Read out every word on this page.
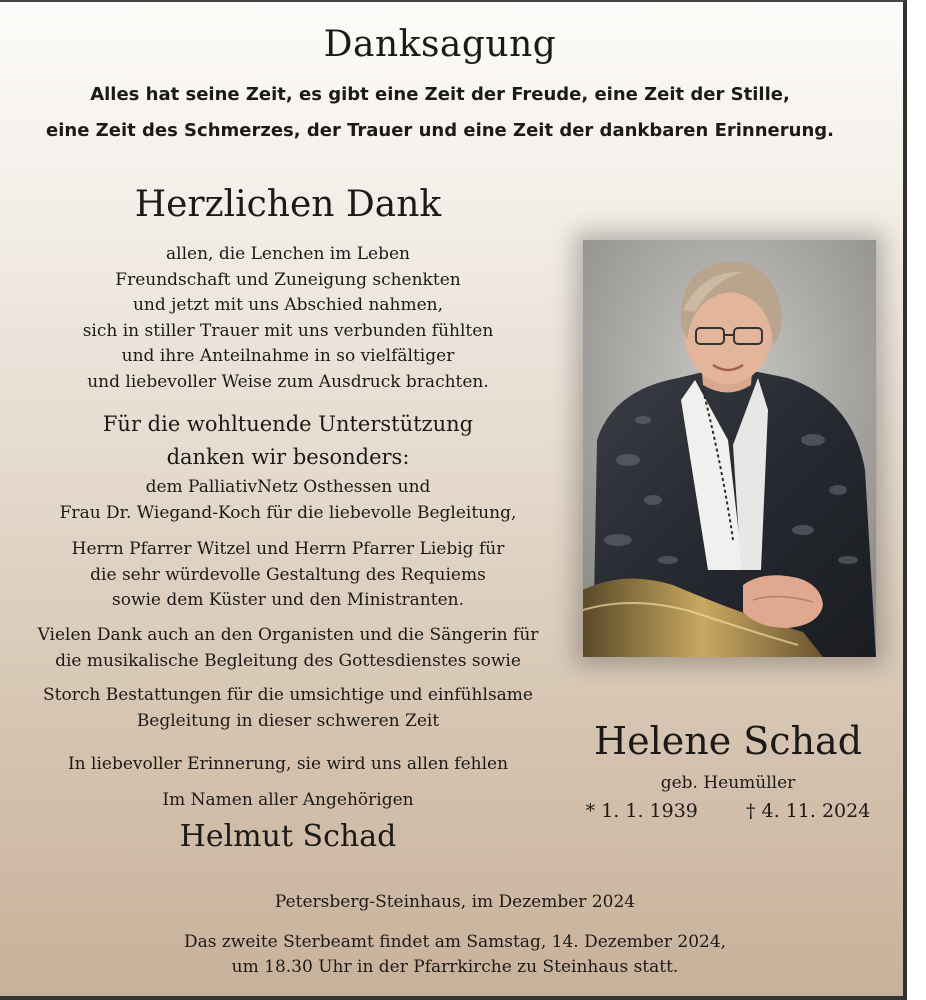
Danksagung
Alles hat seine Zeit, es gibt eine Zeit der Freude, eine Zeit der Stille,
eine Zeit des Schmerzes, der Trauer und eine Zeit der dankbaren Erinnerung.
Herzlichen Dank
allen, die Lenchen im Leben
Freundschaft und Zuneigung schenkten
und jetzt mit uns Abschied nahmen,
sich in stiller Trauer mit uns verbunden fühlten
und ihre Anteilnahme in so vielfältiger
und liebevoller Weise zum Ausdruck brachten.
Für die wohltuende Unterstützung
danken wir besonders:
dem PalliativNetz Osthessen und
Frau Dr. Wiegand-Koch für die liebevolle Begleitung,
Herrn Pfarrer Witzel und Herrn Pfarrer Liebig für
die sehr würdevolle Gestaltung des Requiems
sowie dem Küster und den Ministranten.
Vielen Dank auch an den Organisten und die Sängerin für
die musikalische Begleitung des Gottesdienstes sowie
Storch Bestattungen für die umsichtige und einfühlsame
Begleitung in dieser schweren Zeit
In liebevoller Erinnerung, sie wird uns allen fehlen
Im Namen aller Angehörigen
Helmut Schad
Helene Schad
geb. Heumüller
* 1. 1. 1939	† 4. 11. 2024
Petersberg-Steinhaus, im Dezember 2024
Das zweite Sterbeamt findet am Samstag, 14. Dezember 2024,
um 18.30 Uhr in der Pfarrkirche zu Steinhaus statt.
